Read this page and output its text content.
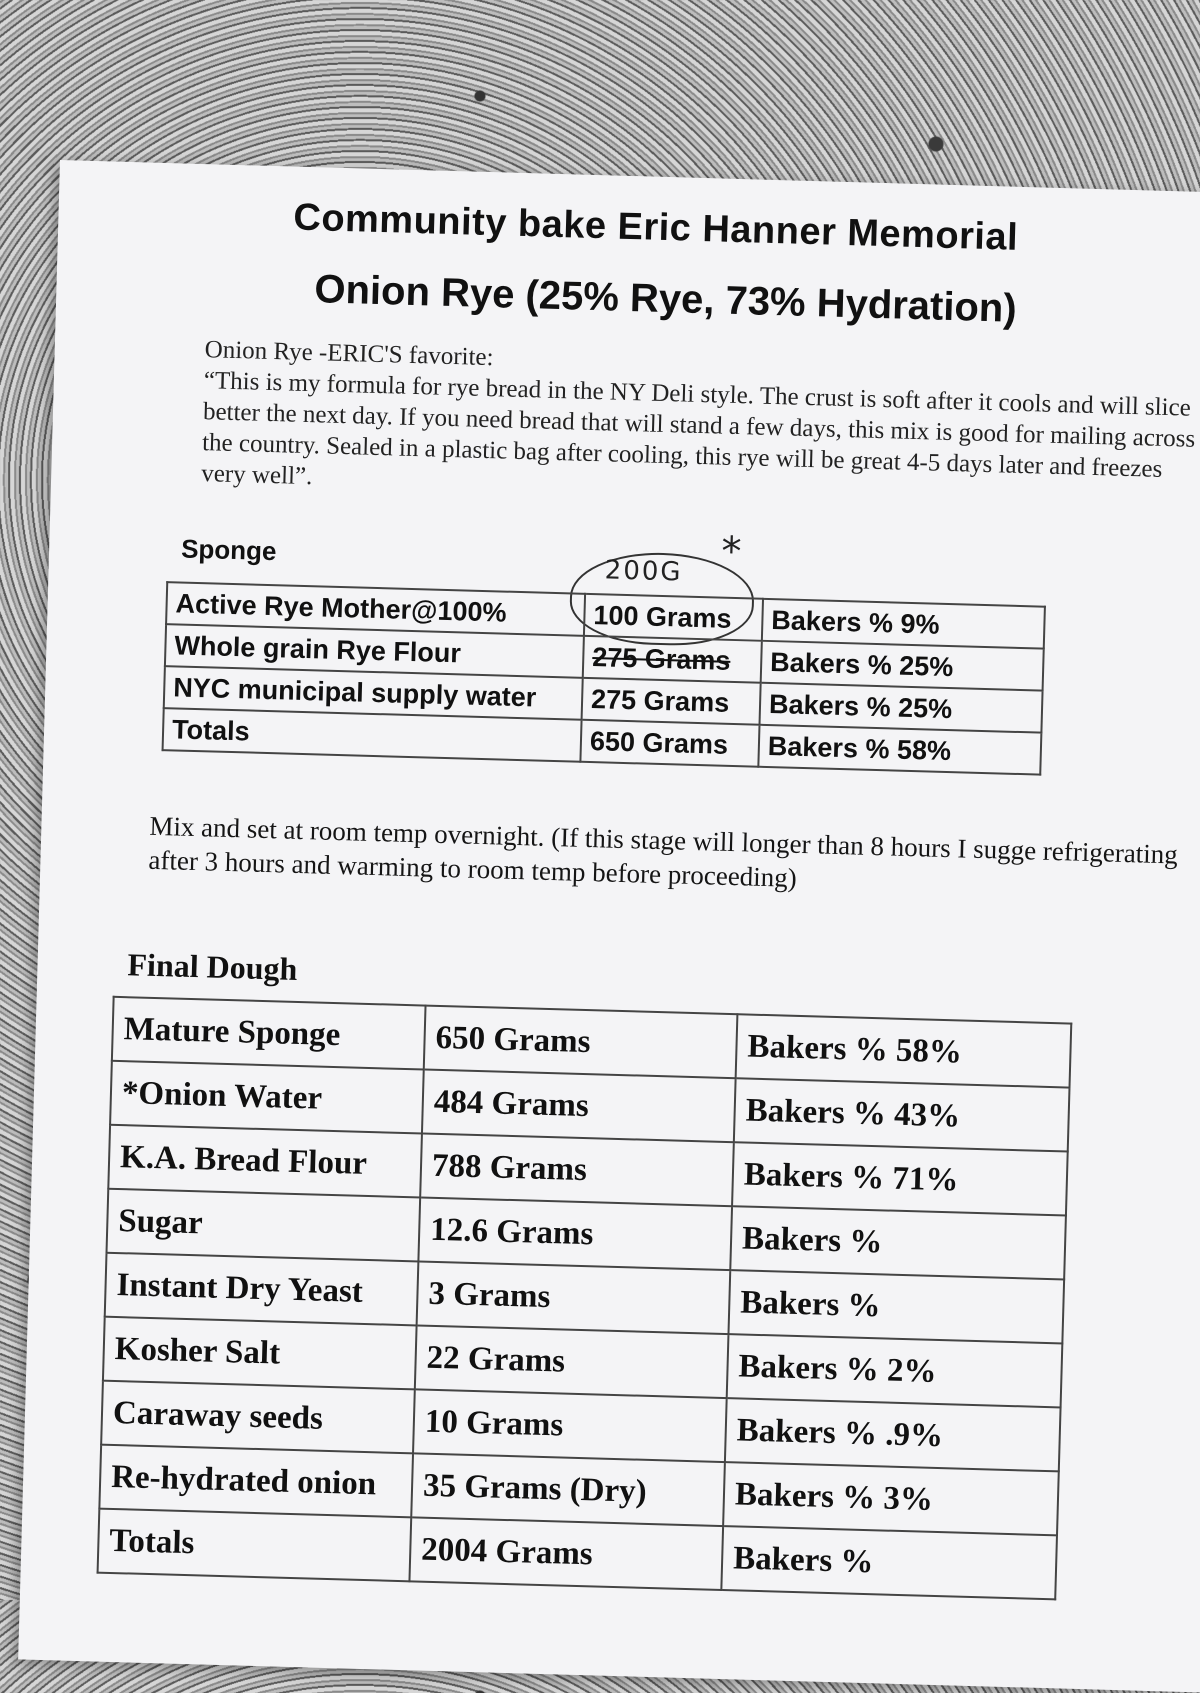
Community bake Eric Hanner Memorial
Onion Rye (25% Rye, 73% Hydration)

Onion Rye -ERIC'S favorite:

“This is my formula for rye bread in the NY Deli style. The crust is soft after it cools and will slice better the next day. If you need bread that will stand a few days, this mix is good for mailing across the country. Sealed in a plastic bag after cooling, this rye will be great 4-5 days later and freezes very well”.

Sponge
200G *
Active Rye Mother@100%	100 Grams	Bakers % 9%
Whole grain Rye Flour	275 Grams	Bakers % 25%
NYC municipal supply water	275 Grams	Bakers % 25%
Totals	650 Grams	Bakers % 58%
Mix and set at room temp overnight. (If this stage will longer than 8 hours I sugge refrigerating after 3 hours and warming to room temp before proceeding)
Final Dough
Mature Sponge	650 Grams	Bakers % 58%
*Onion Water	484 Grams	Bakers % 43%
K.A. Bread Flour	788 Grams	Bakers % 71%
Sugar	12.6 Grams	Bakers %
Instant Dry Yeast	3 Grams	Bakers %
Kosher Salt	22 Grams	Bakers % 2%
Caraway seeds	10 Grams	Bakers % .9%
Re-hydrated onion	35 Grams (Dry)	Bakers % 3%
Totals	2004 Grams	Bakers %
